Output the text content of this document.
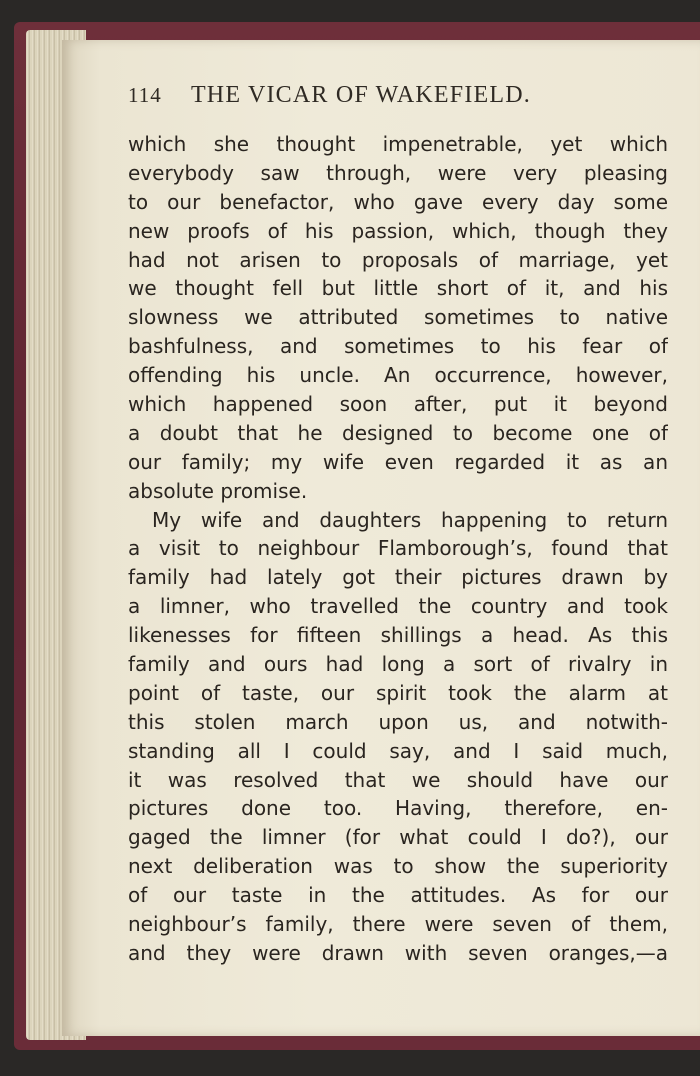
114 THE VICAR OF WAKEFIELD.
which she thought impenetrable, yet which
everybody saw through, were very pleasing
to our benefactor, who gave every day some
new proofs of his passion, which, though they
had not arisen to proposals of marriage, yet
we thought fell but little short of it, and his
slowness we attributed sometimes to native
bashfulness, and sometimes to his fear of
offending his uncle. An occurrence, however,
which happened soon after, put it beyond
a doubt that he designed to become one of
our family; my wife even regarded it as an
absolute promise.
My wife and daughters happening to return
a visit to neighbour Flamborough’s, found that
family had lately got their pictures drawn by
a limner, who travelled the country and took
likenesses for fifteen shillings a head. As this
family and ours had long a sort of rivalry in
point of taste, our spirit took the alarm at
this stolen march upon us, and notwith-
standing all I could say, and I said much,
it was resolved that we should have our
pictures done too. Having, therefore, en-
gaged the limner (for what could I do?), our
next deliberation was to show the superiority
of our taste in the attitudes. As for our
neighbour’s family, there were seven of them,
and they were drawn with seven oranges,—a
